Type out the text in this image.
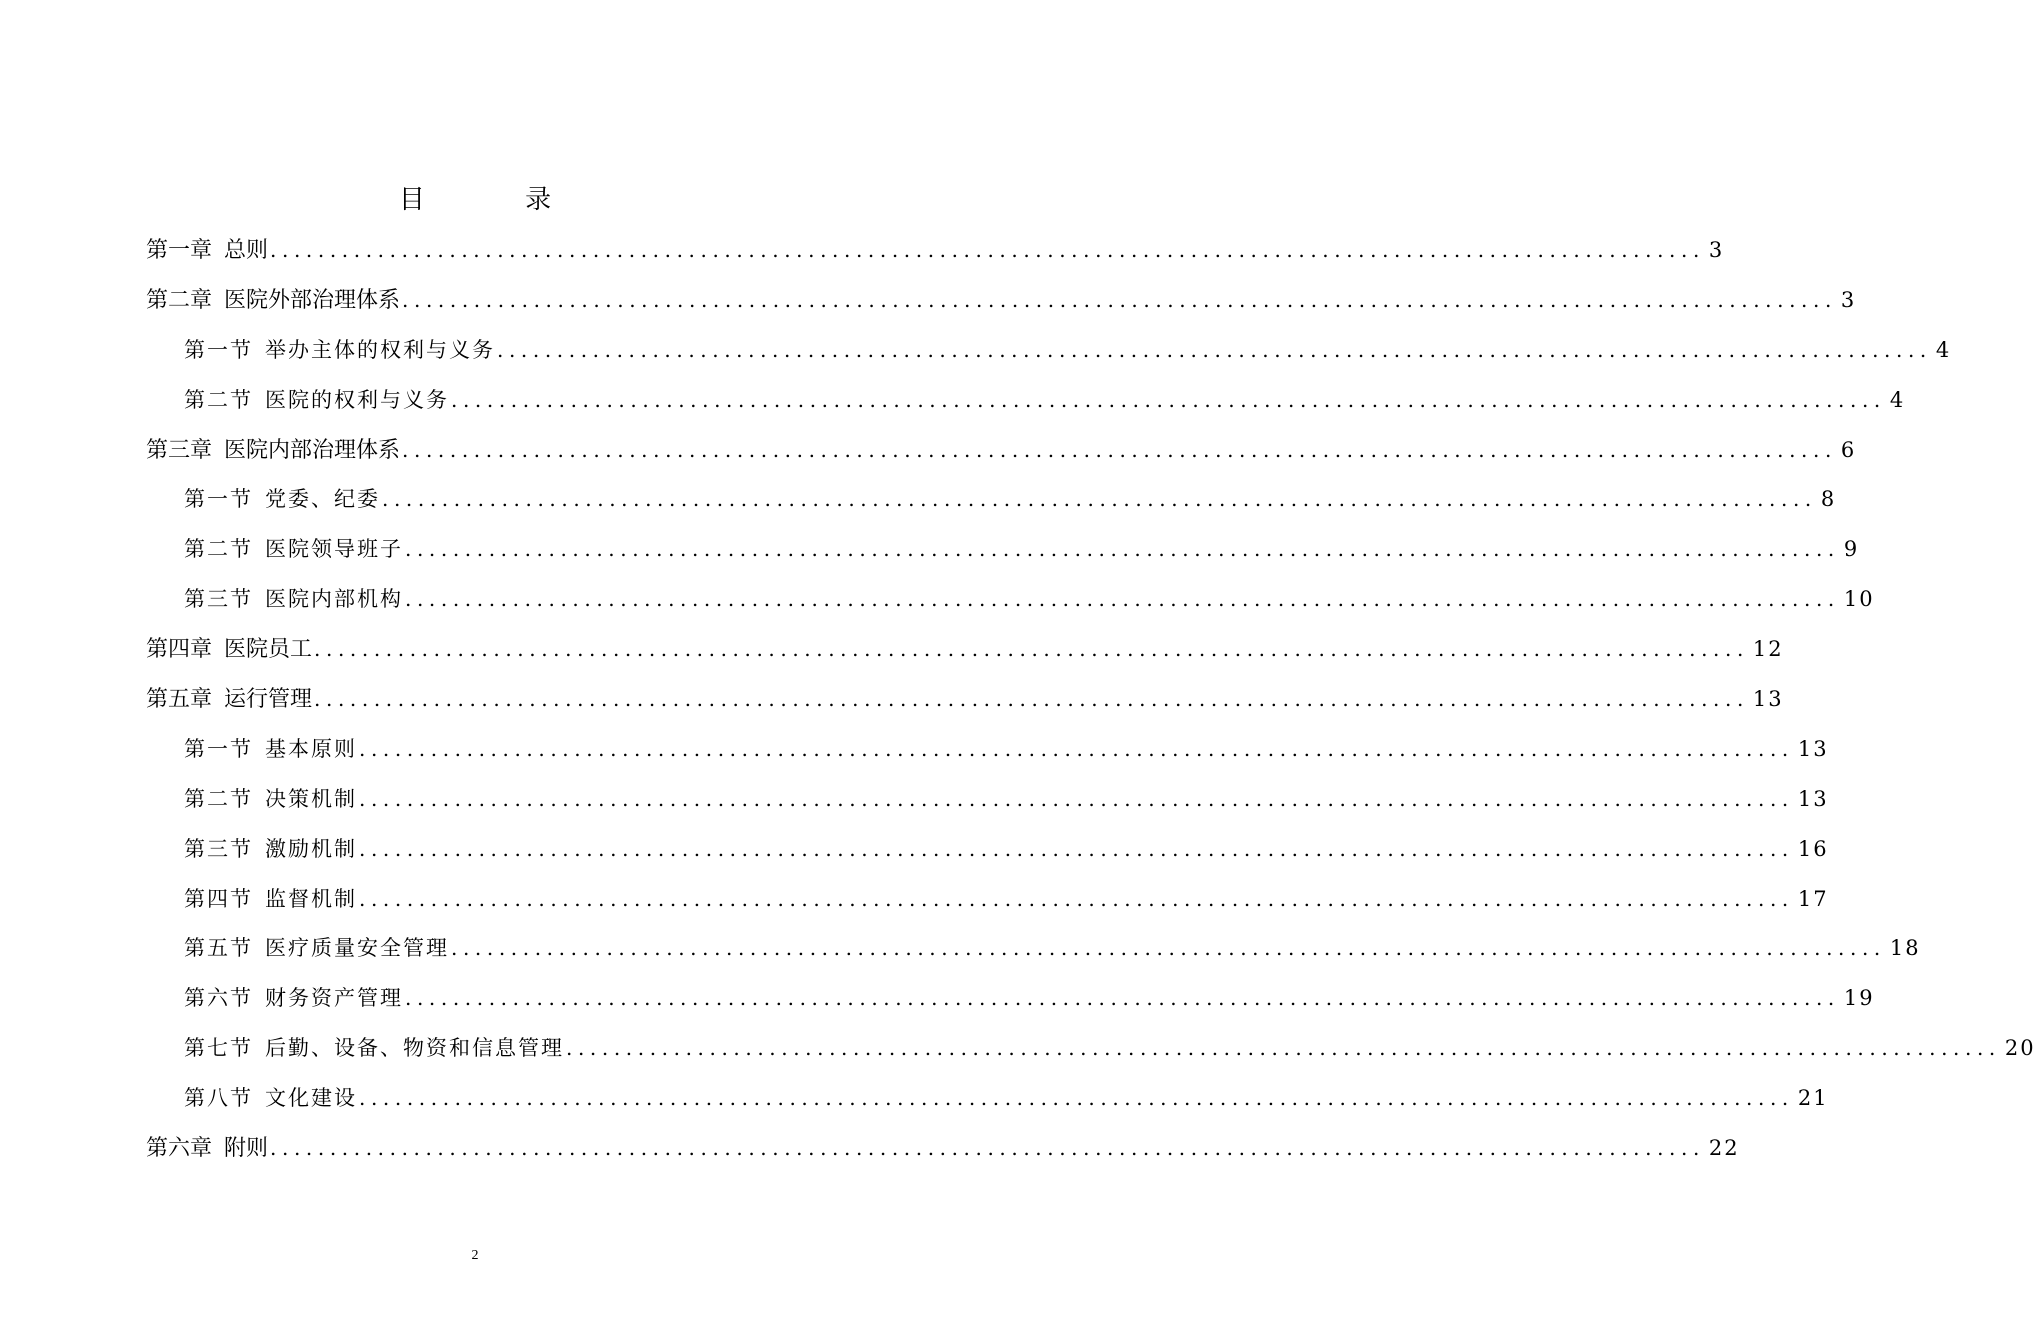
目 录
第一章 总则 ........................................................................................................................ 3
第二章 医院外部治理体系 ........................................................................................................................ 3
第一节 举办主体的权利与义务 ........................................................................................................................ 4
第二节 医院的权利与义务 ........................................................................................................................ 4
第三章 医院内部治理体系 ........................................................................................................................ 6
第一节 党委、纪委 ........................................................................................................................ 8
第二节 医院领导班子 ........................................................................................................................ 9
第三节 医院内部机构 ........................................................................................................................ 10
第四章 医院员工 ........................................................................................................................ 12
第五章 运行管理 ........................................................................................................................ 13
第一节 基本原则 ........................................................................................................................ 13
第二节 决策机制 ........................................................................................................................ 13
第三节 激励机制 ........................................................................................................................ 16
第四节 监督机制 ........................................................................................................................ 17
第五节 医疗质量安全管理 ........................................................................................................................ 18
第六节 财务资产管理 ........................................................................................................................ 19
第七节 后勤、设备、物资和信息管理 ........................................................................................................................ 20
第八节 文化建设 ........................................................................................................................ 21
第六章 附则 ........................................................................................................................ 22
2
